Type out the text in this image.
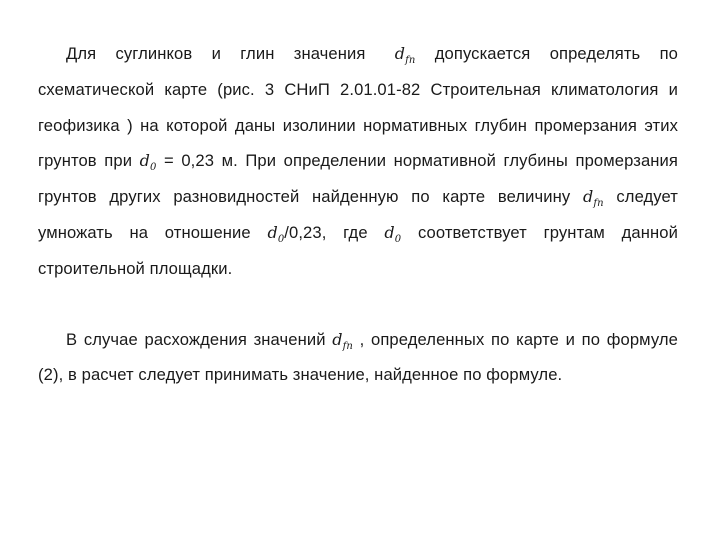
Для суглинков и глин значения $d_{fn}$ допускается определять по схематической карте (рис. 3 СНиП 2.01.01-82 Строительная климатология и геофизика ) на которой даны изолинии нормативных глубин промерзания этих грунтов при $d_0 = 0,23$ м. При определении нормативной глубины промерзания грунтов других разновидностей найденную по карте величину $d_{fn}$ следует умножать на отношение $d_0/0,23$, где $d_0$ соответствует грунтам данной строительной площадки.

В случае расхождения значений $d_{fn}$ , определенных по карте и по формуле (2), в расчет следует принимать значение, найденное по формуле.
